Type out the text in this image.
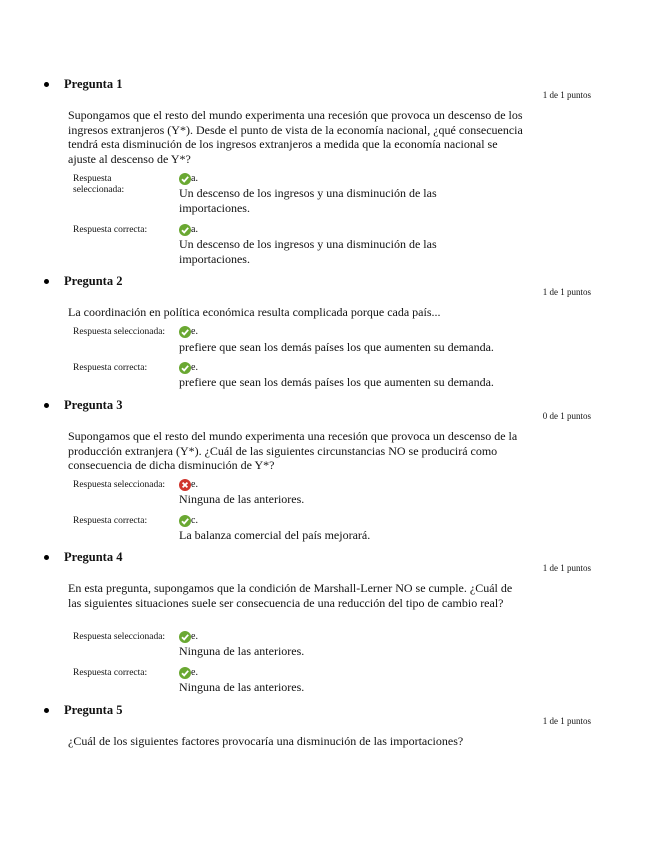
Pregunta 1
1 de 1 puntos
Supongamos que el resto del mundo experimenta una recesión que provoca un descenso de los ingresos extranjeros (Y*). Desde el punto de vista de la economía nacional, ¿qué consecuencia tendrá esta disminución de los ingresos extranjeros a medida que la economía nacional se ajuste al descenso de Y*?
Respuesta seleccionada:
a.
Un descenso de los ingresos y una disminución de las importaciones.
Respuesta correcta:	a.
Un descenso de los ingresos y una disminución de las importaciones.
Pregunta 2
1 de 1 puntos
La coordinación en política económica resulta complicada porque cada país...
Respuesta seleccionada:	e.
prefiere que sean los demás países los que aumenten su demanda.
Respuesta correcta:	e.
prefiere que sean los demás países los que aumenten su demanda.
Pregunta 3
0 de 1 puntos
Supongamos que el resto del mundo experimenta una recesión que provoca un descenso de la producción extranjera (Y*). ¿Cuál de las siguientes circunstancias NO se producirá como consecuencia de dicha disminución de Y*?
Respuesta seleccionada:	e.
Ninguna de las anteriores.
Respuesta correcta:	c.
La balanza comercial del país mejorará.
Pregunta 4
1 de 1 puntos
En esta pregunta, supongamos que la condición de Marshall-Lerner NO se cumple. ¿Cuál de las siguientes situaciones suele ser consecuencia de una reducción del tipo de cambio real?
Respuesta seleccionada:	e.
Ninguna de las anteriores.
Respuesta correcta:	e.
Ninguna de las anteriores.
Pregunta 5
1 de 1 puntos
¿Cuál de los siguientes factores provocaría una disminución de las importaciones?
